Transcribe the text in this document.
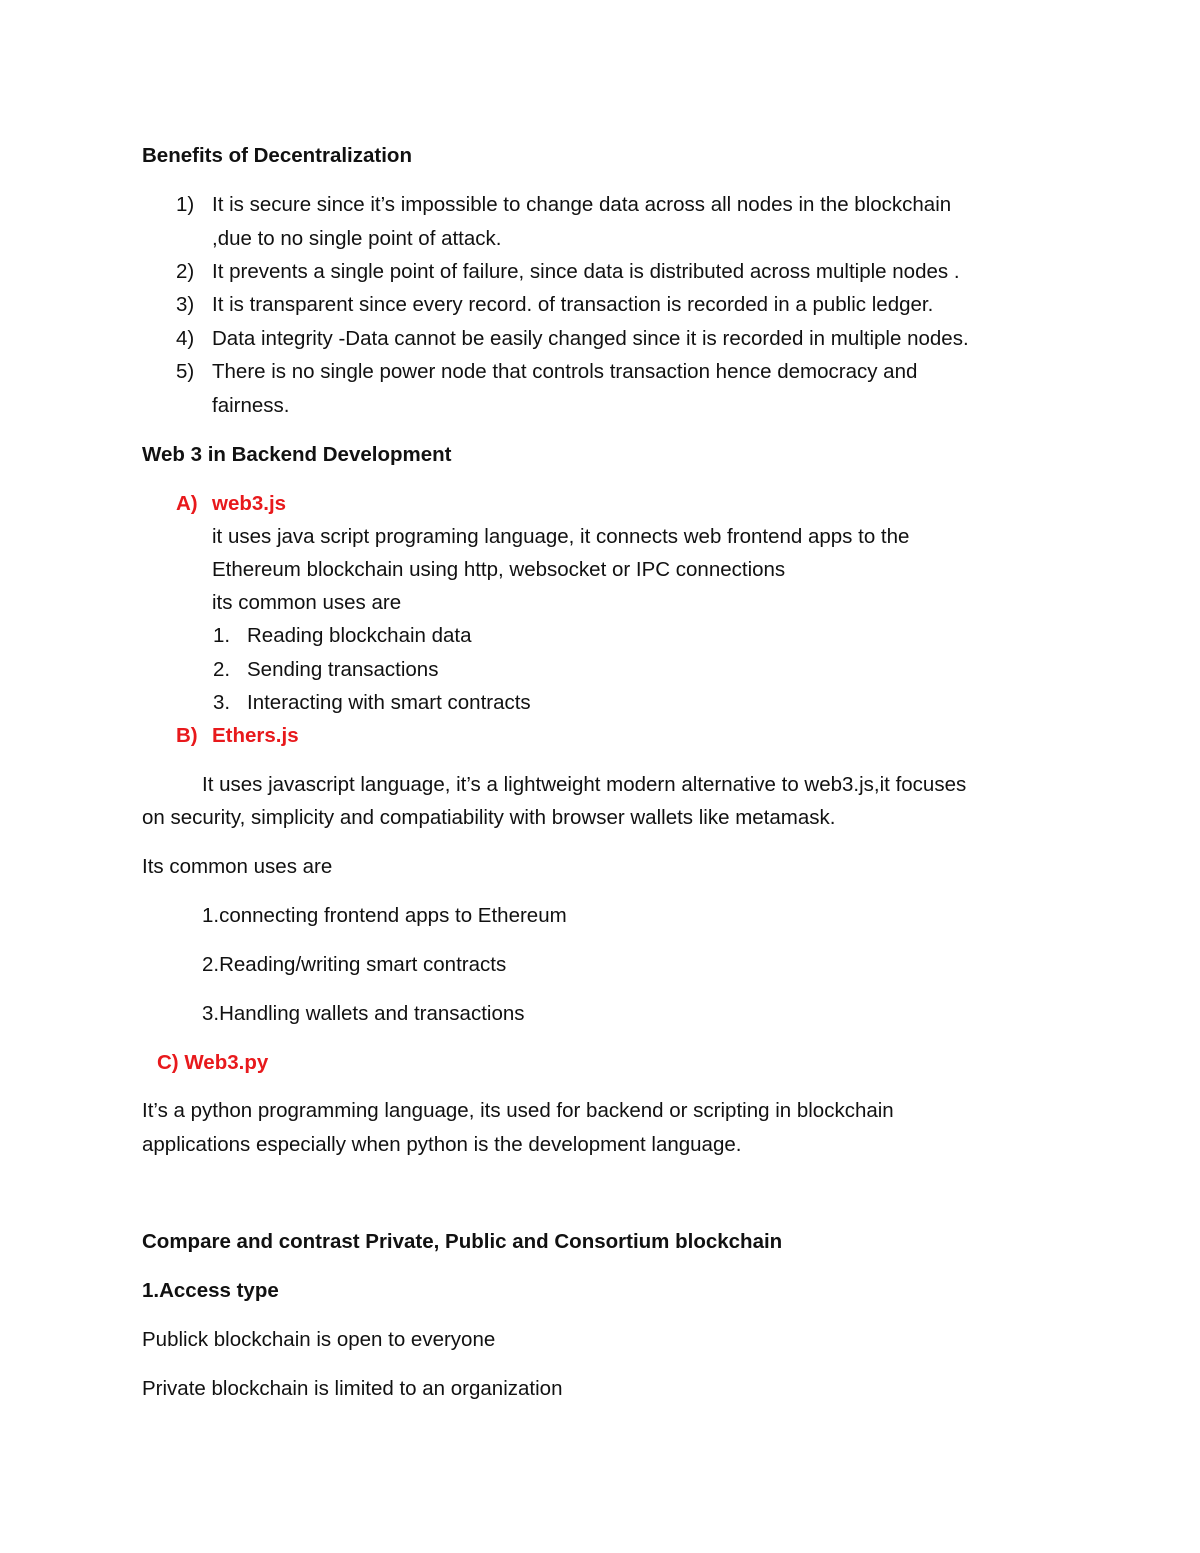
Benefits of Decentralization
1) It is secure since it’s impossible to change data across all nodes in the blockchain
,due to no single point of attack.
2) It prevents a single point of failure, since data is distributed across multiple nodes .
3) It is transparent since every record. of transaction is recorded in a public ledger.
4) Data integrity -Data cannot be easily changed since it is recorded in multiple nodes.
5) There is no single power node that controls transaction hence democracy and
fairness.
Web 3 in Backend Development
A) web3.js
it uses java script programing language, it connects web frontend apps to the
Ethereum blockchain using http, websocket or IPC connections
its common uses are
1. Reading blockchain data
2. Sending transactions
3. Interacting with smart contracts
B) Ethers.js
It uses javascript language, it’s a lightweight modern alternative to web3.js,it focuses
on security, simplicity and compatiability with browser wallets like metamask.
Its common uses are
1.connecting frontend apps to Ethereum
2.Reading/writing smart contracts
3.Handling wallets and transactions
C) Web3.py
It’s a python programming language, its used for backend or scripting in blockchain
applications especially when python is the development language.
Compare and contrast Private, Public and Consortium blockchain
1.Access type
Publick blockchain is open to everyone
Private blockchain is limited to an organization
